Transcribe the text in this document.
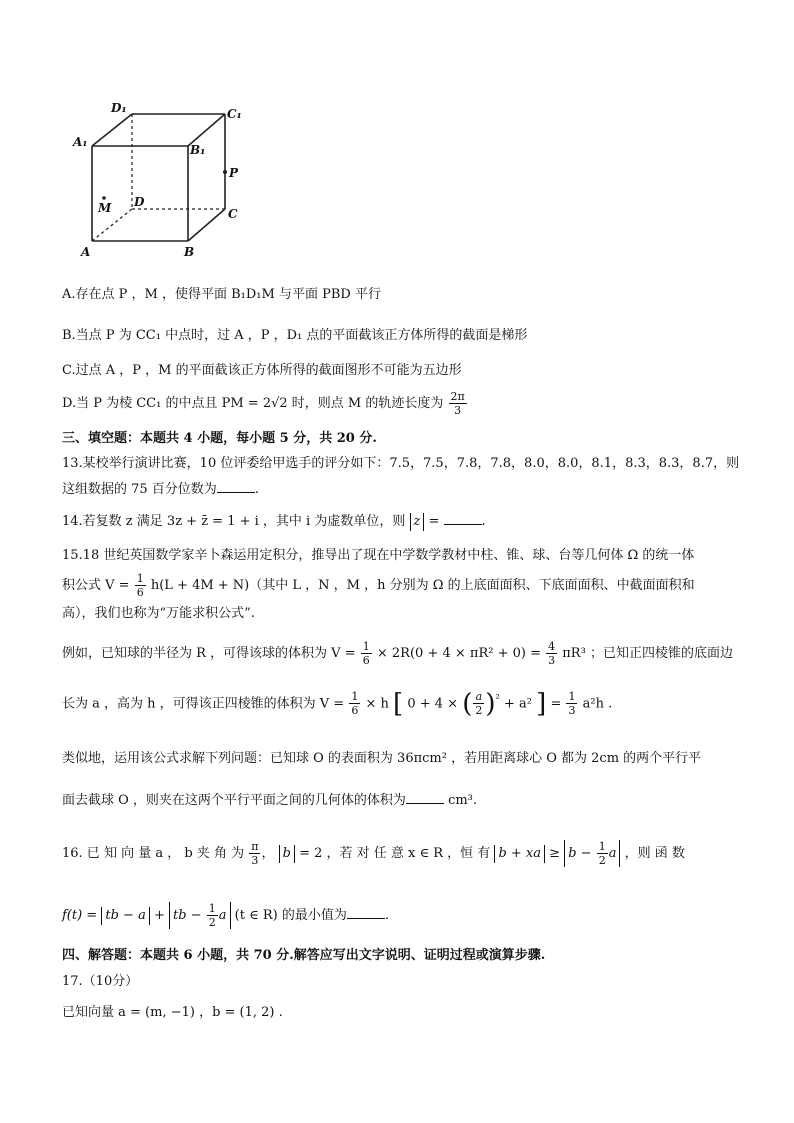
D₁	C₁
A₁
B₁
P
M D
C
A	B
A.存在点 P ，M ，使得平面 B₁D₁M 与平面 PBD 平行
B.当点 P 为 CC₁ 中点时，过 A ，P ，D₁ 点的平面截该正方体所得的截面是梯形
C.过点 A ，P ，M 的平面截该正方体所得的截面图形不可能为五边形
D.当 P 为棱 CC₁ 的中点且 PM = 2√2 时，则点 M 的轨迹长度为 $\frac{2\pi}{3}$
三、填空题：本题共 4 小题，每小题 5 分，共 20 分.
13.某校举行演讲比赛，10 位评委给甲选手的评分如下：7.5，7.5，7.8，7.8，8.0，8.0，8.1，8.3，8.3，8.7，则
这组数据的 75 百分位数为	.
14.若复数 z 满足 3z + z̄ = 1 + i ，其中 i 为虚数单位，则 z =	.
15.18 世纪英国数学家辛卜森运用定积分，推导出了现在中学数学教材中柱、锥、球、台等几何体 Ω 的统一体
积公式 $V = \frac{1}{6} h(L + 4M + N)$（其中 L ，N ，M ，h 分别为 Ω 的上底面面积、下底面面积、中截面面积和
高），我们也称为“万能求积公式”.
例如，已知球的半径为 R ，可得该球的体积为 $V = \frac{1}{6} \times 2R(0 + 4 \times \pi R^2 + 0) = \frac{4}{3} \pi R^3$ ；已知正四棱锥的底面边
长为 a ，高为 h ，可得该正四棱锥的体积为 $V = \frac{1}{6} \times h$ [ 0 + 4 × ( $\frac{a}{2} )^{^2} + a^2$ ] = $\frac{1}{3} a^2h$ .
类似地，运用该公式求解下列问题：已知球 O 的表面积为 36πcm² ，若用距离球心 O 都为 2cm 的两个平行平
面去截球 O ，则夹在这两个平行平面之间的几何体的体积为	cm³.
16. 已 知 向 量 a ， b 夹 角 为 $\frac{\pi}{3}$ ， b = 2 ，若 对 任 意 x ∈ R ，恒 有 b + xa ≥ $b - \frac{1}{2}$ a ，则 函 数
f(t) = tb − a + tb − $\frac{1}{2}$ a (t ∈ R) 的最小值为	.
四、解答题：本题共 6 小题，共 70 分.解答应写出文字说明、证明过程或演算步骤.
17.（10分）
已知向量 a = (m, −1) ，b = (1, 2) .
